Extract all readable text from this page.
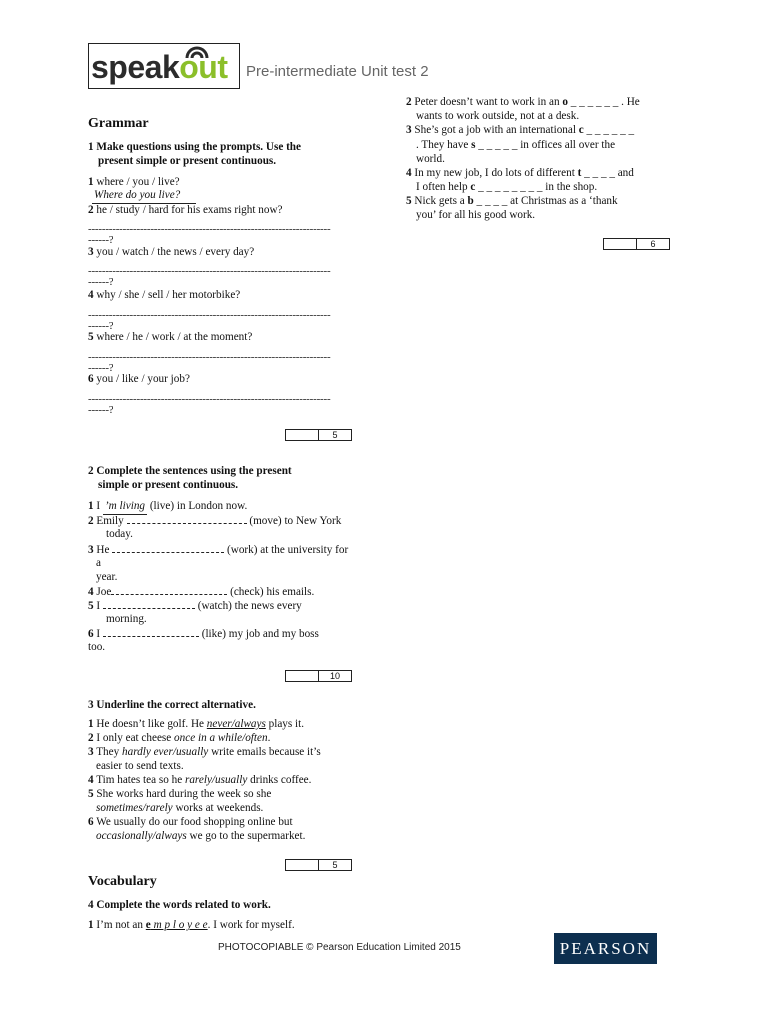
speakout Pre-intermediate Unit test 2
Grammar
1 Make questions using the prompts. Use the
present simple or present continuous.
1 where / you / live?
Where do you live?
2 he / study / hard for his exams right now?
----------------------------------------------------------------------
------?
3 you / watch / the news / every day?
----------------------------------------------------------------------
------?
4 why / she / sell / her motorbike?
----------------------------------------------------------------------
------?
5 where / he / work / at the moment?
----------------------------------------------------------------------
------?
6 you / like / your job?
----------------------------------------------------------------------
------?
5
2 Complete the sentences using the present
simple or present continuous.
1 I ’m living (live) in London now.
2 Emily	(move) to New York
today.
3 He	(work) at the university for
a
year.
4 Joe	(check) his emails.
5 I	(watch) the news every
morning.
6 I	(like) my job and my boss
too.
10
3 Underline the correct alternative.
1 He doesn’t like golf. He never/always plays it.
2 I only eat cheese once in a while/often.
3 They hardly ever/usually write emails because it’s
easier to send texts.
4 Tim hates tea so he rarely/usually drinks coffee.
5 She works hard during the week so she
sometimes/rarely works at weekends.
6 We usually do our food shopping online but
occasionally/always we go to the supermarket.
5
Vocabulary
4 Complete the words related to work.
1 I’m not an e m p l o y e e. I work for myself.
2 Peter doesn’t want to work in an o _ _ _ _ _ _ . He
wants to work outside, not at a desk.
3 She’s got a job with an international c _ _ _ _ _ _
. They have s _ _ _ _ _ in offices all over the
world.
4 In my new job, I do lots of different t _ _ _ _ and
I often help c _ _ _ _ _ _ _ _ in the shop.
5 Nick gets a b _ _ _ _ at Christmas as a ‘thank
you’ for all his good work.
6
PHOTOCOPIABLE © Pearson Education Limited 2015	PEARSON
